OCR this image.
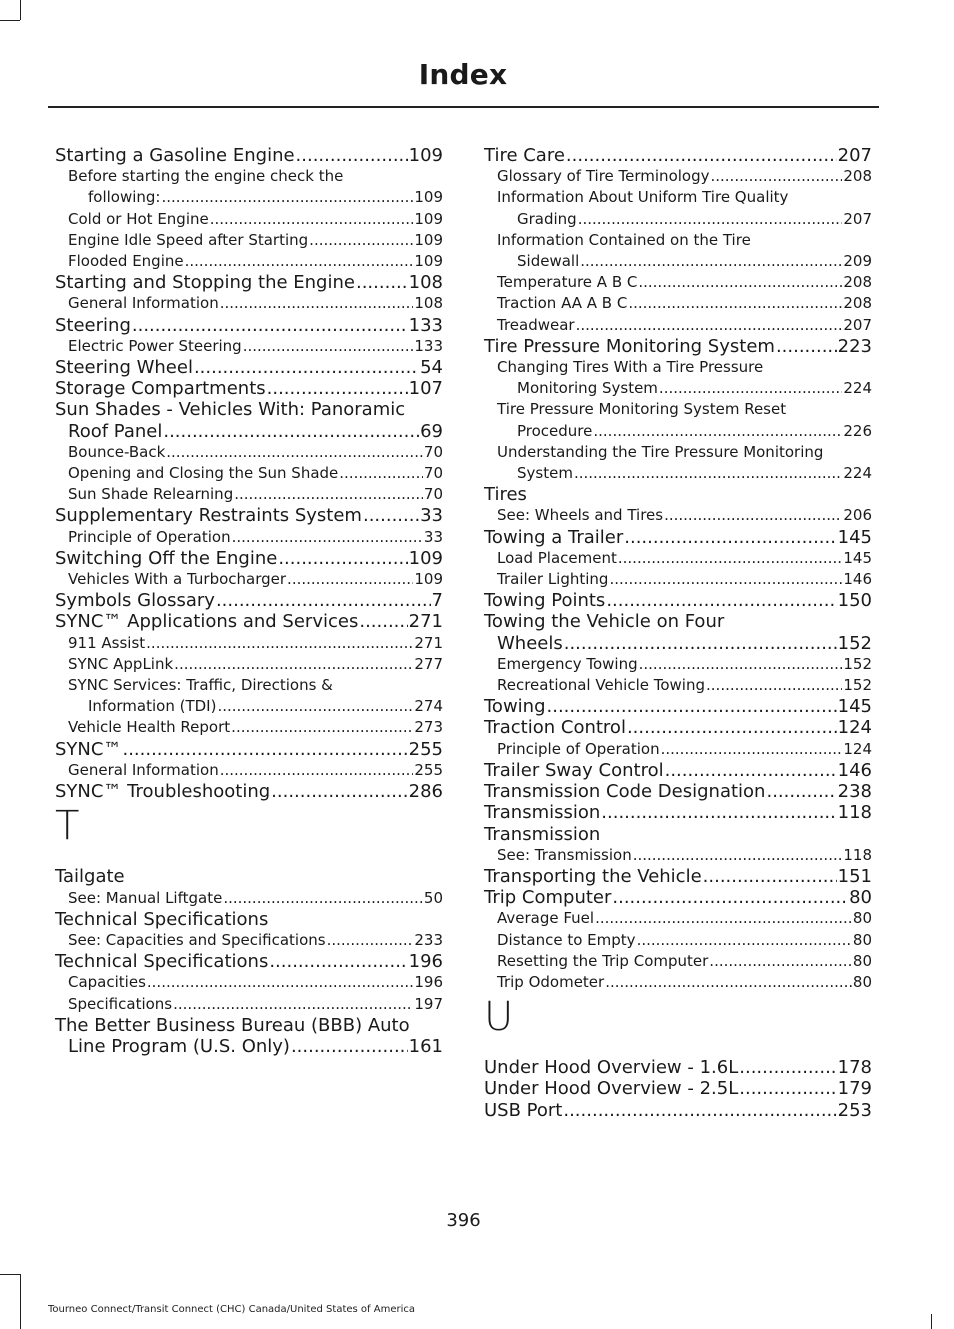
Index
Starting a Gasoline Engine .....	109
Before starting the engine check the
following: .....	109
Cold or Hot Engine .....	109
Engine Idle Speed after Starting .....	109
Flooded Engine .....	109
Starting and Stopping the Engine .....	108
General Information .....	108
Steering .....	133
Electric Power Steering .....	133
Steering Wheel .....	54
Storage Compartments .....	107
Sun Shades - Vehicles With: Panoramic
Roof Panel .....	69
Bounce-Back .....	70
Opening and Closing the Sun Shade .....	70
Sun Shade Relearning .....	70
Supplementary Restraints System .....	33
Principle of Operation .....	33
Switching Off the Engine .....	109
Vehicles With a Turbocharger .....	109
Symbols Glossary .....	7
SYNC™ Applications and Services .....	271
911 Assist .....	271
SYNC AppLink .....	277
SYNC Services: Traffic, Directions &
Information (TDI) .....	274
Vehicle Health Report .....	273
SYNC™ .....	255
General Information .....	255
SYNC™ Troubleshooting .....	286
T
Tailgate
See: Manual Liftgate .....	50
Technical Specifications
See: Capacities and Specifications .....	233
Technical Specifications .....	196
Capacities .....	196
Specifications .....	197
The Better Business Bureau (BBB) Auto
Line Program (U.S. Only) .....	161
Tire Care .....	207
Glossary of Tire Terminology .....	208
Information About Uniform Tire Quality
Grading .....	207
Information Contained on the Tire
Sidewall .....	209
Temperature A B C .....	208
Traction AA A B C .....	208
Treadwear .....	207
Tire Pressure Monitoring System .....	223
Changing Tires With a Tire Pressure
Monitoring System .....	224
Tire Pressure Monitoring System Reset
Procedure .....	226
Understanding the Tire Pressure Monitoring
System .....	224
Tires
See: Wheels and Tires .....	206
Towing a Trailer .....	145
Load Placement .....	145
Trailer Lighting .....	146
Towing Points .....	150
Towing the Vehicle on Four
Wheels .....	152
Emergency Towing .....	152
Recreational Vehicle Towing .....	152
Towing .....	145
Traction Control .....	124
Principle of Operation .....	124
Trailer Sway Control .....	146
Transmission Code Designation .....	238
Transmission .....	118
Transmission
See: Transmission .....	118
Transporting the Vehicle .....	151
Trip Computer .....	80
Average Fuel .....	80
Distance to Empty .....	80
Resetting the Trip Computer .....	80
Trip Odometer .....	80
U
Under Hood Overview - 1.6L .....	178
Under Hood Overview - 2.5L .....	179
USB Port .....	253
396
Tourneo Connect/Transit Connect (CHC) Canada/United States of America
